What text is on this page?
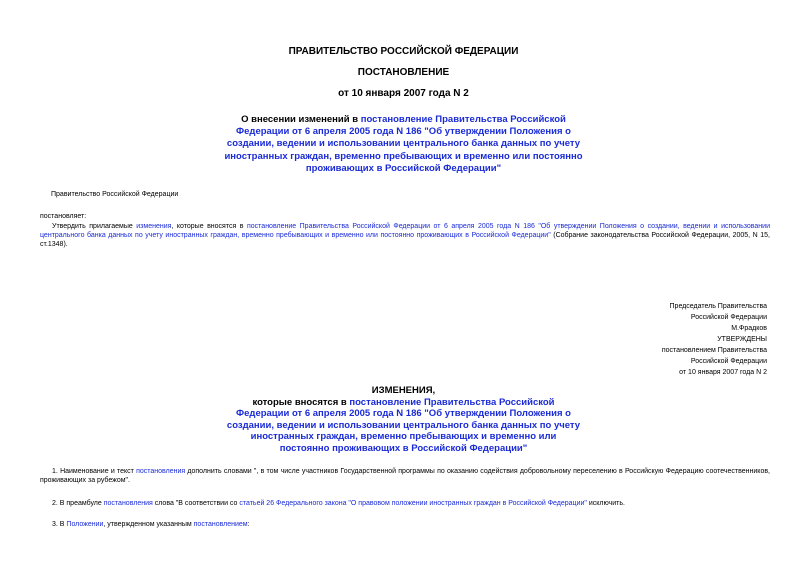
ПРАВИТЕЛЬСТВО РОССИЙСКОЙ ФЕДЕРАЦИИ
ПОСТАНОВЛЕНИЕ
от 10 января 2007 года N 2
О внесении изменений в постановление Правительства Российской Федерации от 6 апреля 2005 года N 186 "Об утверждении Положения о создании, ведении и использовании центрального банка данных по учету иностранных граждан, временно пребывающих и временно или постоянно проживающих в Российской Федерации"
Правительство Российской Федерации
постановляет:
Утвердить прилагаемые изменения, которые вносятся в постановление Правительства Российской Федерации от 6 апреля 2005 года N 186 "Об утверждении Положения о создании, ведении и использовании центрального банка данных по учету иностранных граждан, временно пребывающих и временно или постоянно проживающих в Российской Федерации" (Собрание законодательства Российской Федерации, 2005, N 15, ст.1348).
Председатель Правительства
Российской Федерации
М.Фрадков
УТВЕРЖДЕНЫ
постановлением Правительства
Российской Федерации
от 10 января 2007 года N 2
ИЗМЕНЕНИЯ,
которые вносятся в постановление Правительства Российской Федерации от 6 апреля 2005 года N 186 "Об утверждении Положения о создании, ведении и использовании центрального банка данных по учету иностранных граждан, временно пребывающих и временно или постоянно проживающих в Российской Федерации"
1. Наименование и текст постановления дополнить словами ", в том числе участников Государственной программы по оказанию содействия добровольному переселению в Российскую Федерацию соотечественников, проживающих за рубежом".
2. В преамбуле постановления слова "В соответствии со статьей 26 Федерального закона "О правовом положении иностранных граждан в Российской Федерации" исключить.
3. В Положении, утвержденном указанным постановлением:
